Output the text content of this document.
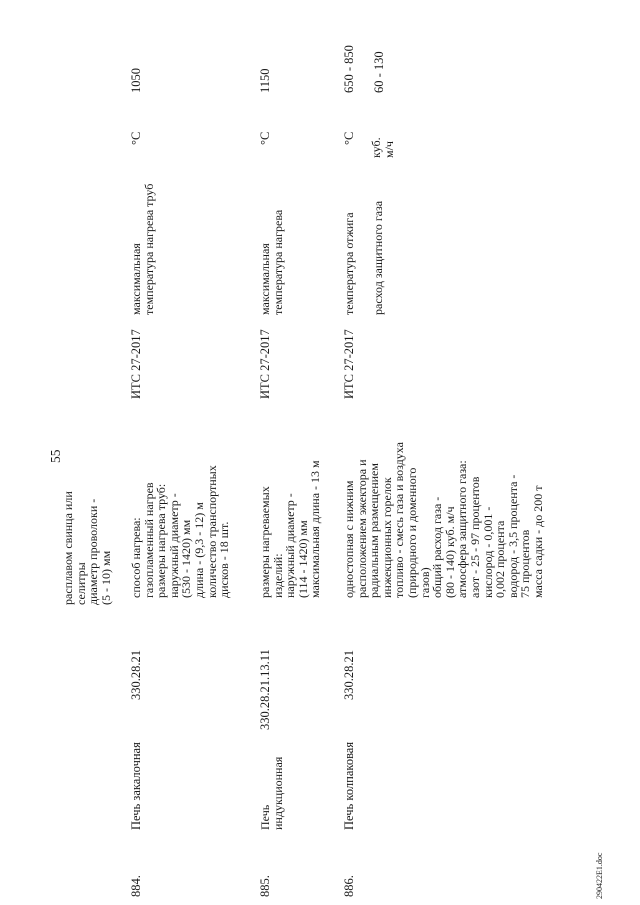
55
расплавом свинца или
селитры
диаметр проволоки -
(5 - 10) мм
884.
Печь закалочная
330.28.21
способ нагрева:
газопламенный нагрев
размеры нагрева труб:
наружный диаметр -
(530 - 1420) мм
длина - (9,3 - 12) м
количество транспортных
дисков - 18 шт.
ИТС 27-2017
максимальная
температура нагрева труб
°С
1050
885.
Печь
индукционная
330.28.21.13.11
размеры нагреваемых
изделий:
наружный диаметр -
(114 - 1420) мм
максимальная длина - 13 м
ИТС 27-2017
максимальная
температура нагрева
°С
1150
886.
Печь колпаковая
330.28.21
одностопная с нижним
расположением эжектора и
радиальным размещением
инжекционных горелок
топливо - смесь газа и воздуха
(природного и доменного
газов)
общий расход газа -
(80 - 140) куб. м/ч
атмосфера защитного газа:
азот - 25 - 97 процентов
кислород - 0,001 -
0,002 процента
водород - 3,5 процента -
75 процентов
масса садки - до 200 т
ИТС 27-2017
температура отжига
°С
650 - 850
расход защитного газа
куб.
м/ч
60 - 130
290422E1.doc
